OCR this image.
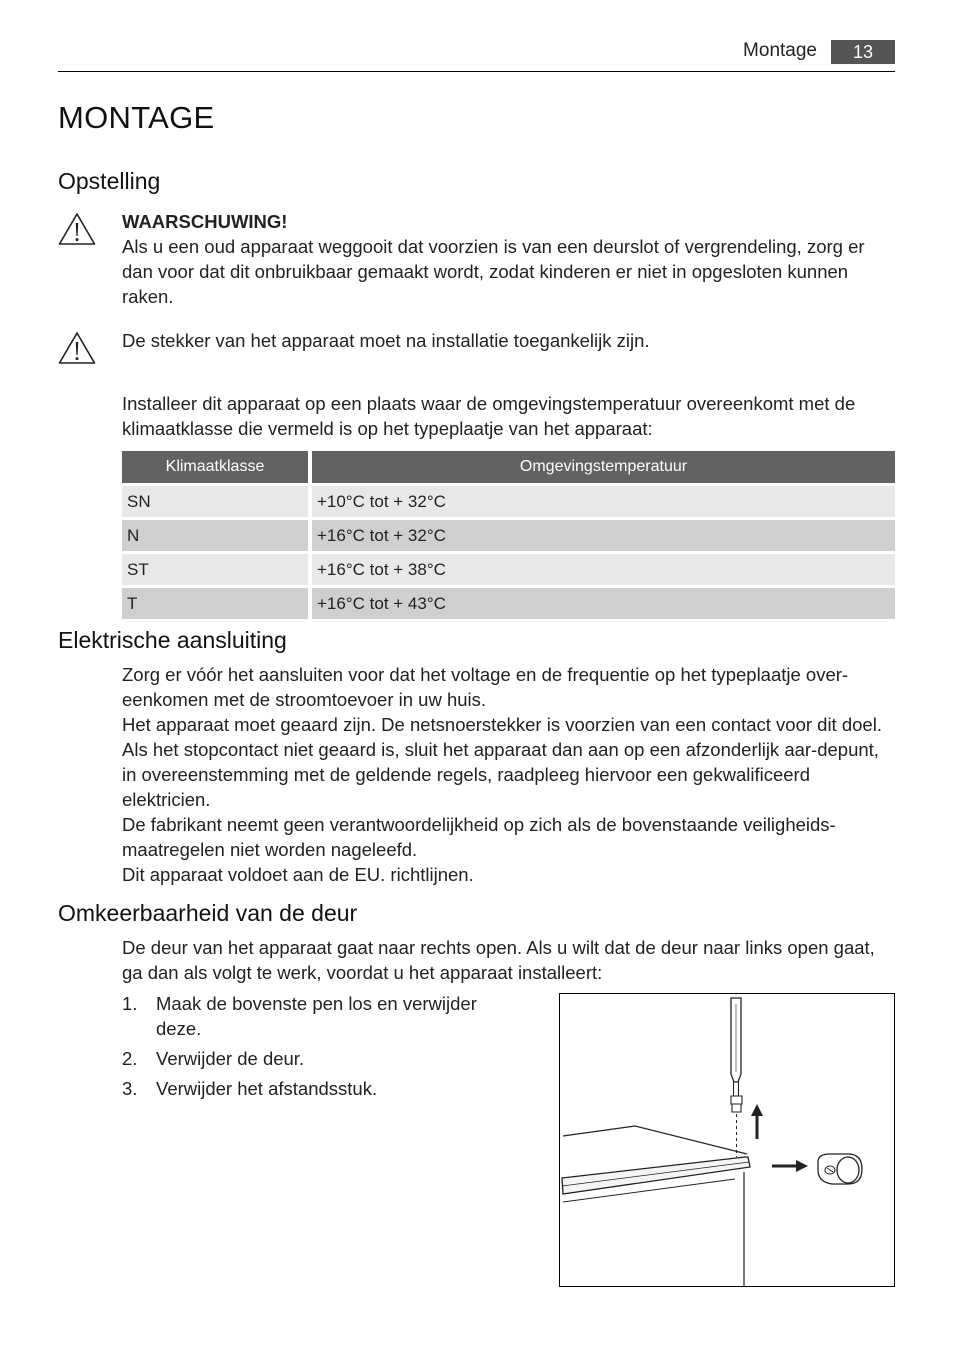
Montage	13
MONTAGE
Opstelling
WAARSCHUWING!
Als u een oud apparaat weggooit dat voorzien is van een deurslot of vergrendeling, zorg er dan voor dat dit onbruikbaar gemaakt wordt, zodat kinderen er niet in opgesloten kunnen raken.
De stekker van het apparaat moet na installatie toegankelijk zijn.
Installeer dit apparaat op een plaats waar de omgevingstemperatuur overeenkomt met de klimaatklasse die vermeld is op het typeplaatje van het apparaat:
Klimaatklasse	Omgevingstemperatuur
SN	+10°C tot + 32°C
N	+16°C tot + 32°C
ST	+16°C tot + 38°C
T	+16°C tot + 43°C
Elektrische aansluiting
Zorg er vóór het aansluiten voor dat het voltage en de frequentie op het typeplaatje over-eenkomen met de stroomtoevoer in uw huis.
Het apparaat moet geaard zijn. De netsnoerstekker is voorzien van een contact voor dit doel. Als het stopcontact niet geaard is, sluit het apparaat dan aan op een afzonderlijk aar-depunt, in overeenstemming met de geldende regels, raadpleeg hiervoor een gekwalificeerd elektricien.
De fabrikant neemt geen verantwoordelijkheid op zich als de bovenstaande veiligheids-maatregelen niet worden nageleefd.
Dit apparaat voldoet aan de EU. richtlijnen.
Omkeerbaarheid van de deur
De deur van het apparaat gaat naar rechts open. Als u wilt dat de deur naar links open gaat, ga dan als volgt te werk, voordat u het apparaat installeert:
1. Maak de bovenste pen los en verwijder deze.
2. Verwijder de deur.
3. Verwijder het afstandsstuk.
